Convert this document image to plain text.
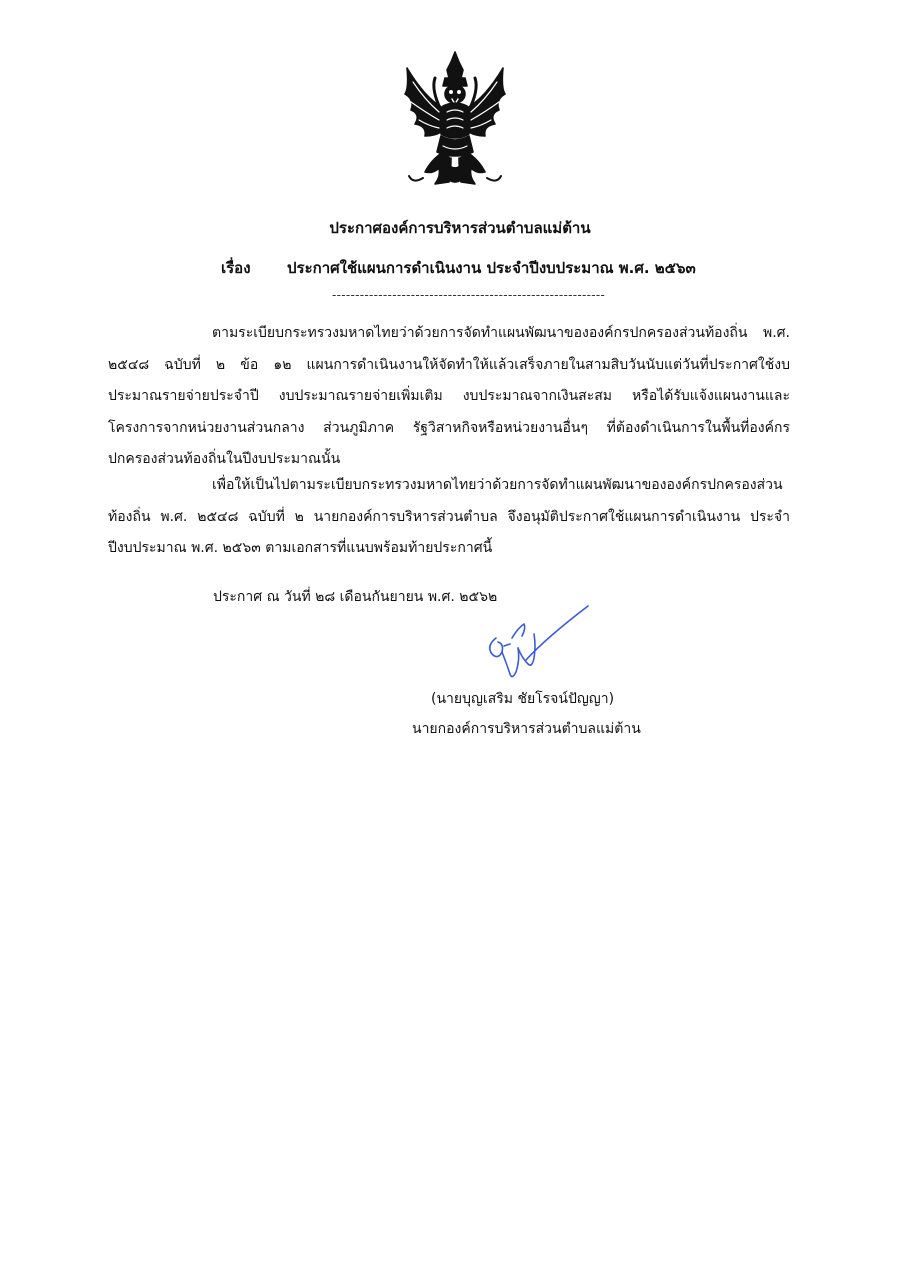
ประกาศองค์การบริหารส่วนตำบลแม่ต้าน
เรื่อง ประกาศใช้แผนการดำเนินงาน ประจำปีงบประมาณ พ.ศ. ๒๕๖๓
-----------------------------------------------------------

ตามระเบียบกระทรวงมหาดไทยว่าด้วยการจัดทำแผนพัฒนาขององค์กรปกครองส่วนท้องถิ่น พ.ศ. ๒๕๔๘ ฉบับที่ ๒ ข้อ ๑๒ แผนการดำเนินงานให้จัดทำให้แล้วเสร็จภายในสามสิบวันนับแต่วันที่ประกาศใช้งบประมาณรายจ่ายประจำปี งบประมาณรายจ่ายเพิ่มเติม งบประมาณจากเงินสะสม หรือได้รับแจ้งแผนงานและโครงการจากหน่วยงานส่วนกลาง ส่วนภูมิภาค รัฐวิสาหกิจหรือหน่วยงานอื่นๆ ที่ต้องดำเนินการในพื้นที่องค์กรปกครองส่วนท้องถิ่นในปีงบประมาณนั้น

เพื่อให้เป็นไปตามระเบียบกระทรวงมหาดไทยว่าด้วยการจัดทำแผนพัฒนาขององค์กรปกครองส่วนท้องถิ่น พ.ศ. ๒๕๔๘ ฉบับที่ ๒ นายกองค์การบริหารส่วนตำบล จึงอนุมัติประกาศใช้แผนการดำเนินงาน ประจำปีงบประมาณ พ.ศ. ๒๕๖๓ ตามเอกสารที่แนบพร้อมท้ายประกาศนี้

ประกาศ ณ วันที่ ๒๘ เดือนกันยายน พ.ศ. ๒๕๖๒
(นายบุญเสริม ชัยโรจน์ปัญญา)
นายกองค์การบริหารส่วนตำบลแม่ต้าน
